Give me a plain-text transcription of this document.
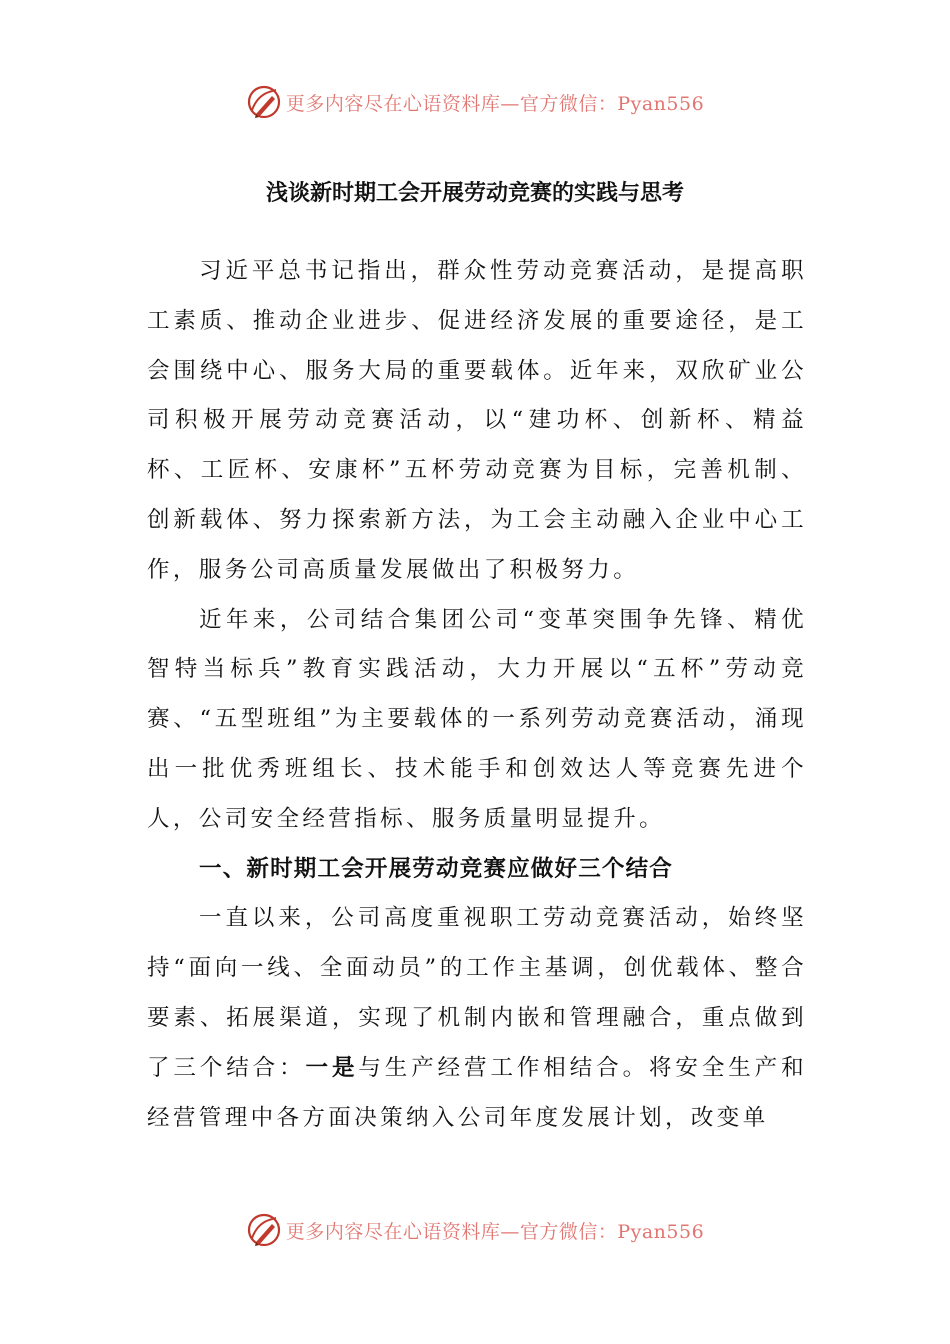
更多内容尽在心语资料库—官方微信：Pyan556
浅谈新时期工会开展劳动竞赛的实践与思考

习近平总书记指出，群众性劳动竞赛活动，是提高职工素质、推动企业进步、促进经济发展的重要途径，是工会围绕中心、服务大局的重要载体。近年来，双欣矿业公司积极开展劳动竞赛活动，以“建功杯、创新杯、精益杯、工匠杯、安康杯”五杯劳动竞赛为目标，完善机制、创新载体、努力探索新方法，为工会主动融入企业中心工作，服务公司高质量发展做出了积极努力。

近年来，公司结合集团公司“变革突围争先锋、精优智特当标兵”教育实践活动，大力开展以“五杯”劳动竞赛、“五型班组”为主要载体的一系列劳动竞赛活动，涌现出一批优秀班组长、技术能手和创效达人等竞赛先进个人，公司安全经营指标、服务质量明显提升。

一、新时期工会开展劳动竞赛应做好三个结合

一直以来，公司高度重视职工劳动竞赛活动，始终坚持“面向一线、全面动员”的工作主基调，创优载体、整合要素、拓展渠道，实现了机制内嵌和管理融合，重点做到了三个结合：一是与生产经营工作相结合。将安全生产和经营管理中各方面决策纳入公司年度发展计划，改变单

更多内容尽在心语资料库—官方微信：Pyan556
